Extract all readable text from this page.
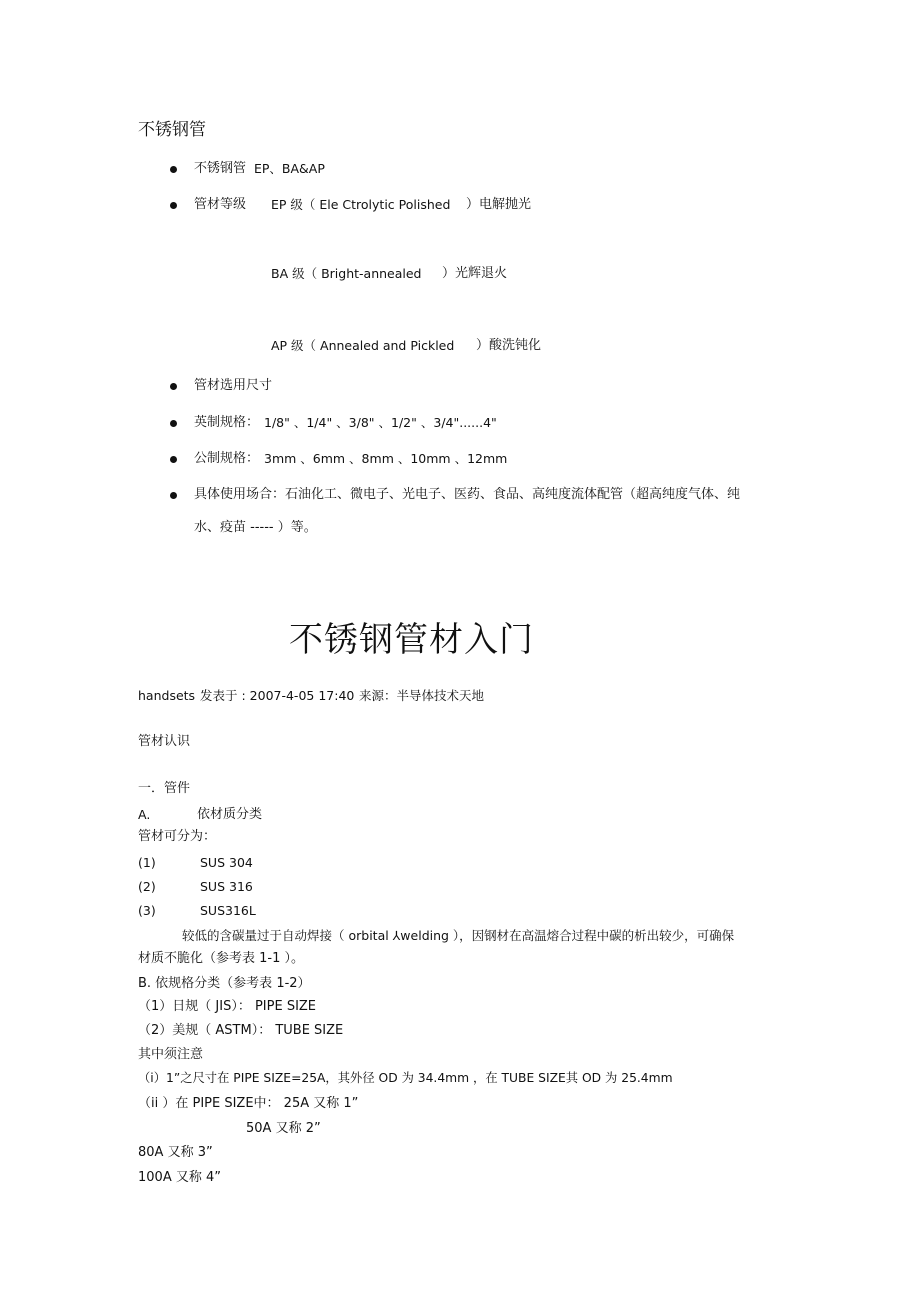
不锈钢管
不锈钢管 EP、BA&AP
管材等级 EP 级（ Ele Ctrolytic Polished ）电解抛光
BA 级（ Bright-annealed ）光辉退火
AP 级（ Annealed and Pickled ）酸洗钝化
管材选用尺寸
英制规格： 1/8" 、1/4" 、3/8" 、1/2" 、3/4"......4"
公制规格： 3mm 、6mm 、8mm 、10mm 、12mm
具体使用场合：石油化工、微电子、光电子、医药、食品、高纯度流体配管（超高纯度气体、纯
水、疫苗 ----- ）等。
不锈钢管材入门
handsets 发表于 : 2007-4-05 17:40 来源：半导体技术天地
管材认识
一．管件
A.	依材质分类
管材可分为：
(1)	SUS 304
(2)	SUS 316
(3)	SUS316L
较低的含碳量过于自动焊接（ orbital ⅄welding ），因钢材在高温熔合过程中碳的析出较少，可确保
材质不脆化（参考表 1-1 ）。
B. 依规格分类（参考表 1-2）
（1）日规（ JIS）： PIPE SIZE
（2）美规（ ASTM）： TUBE SIZE
其中须注意
（i）1”之尺寸在 PIPE SIZE=25A，其外径 OD 为 34.4mm ，在 TUBE SIZE其 OD 为 25.4mm
（ii ）在 PIPE SIZE中： 25A 又称 1”
50A 又称 2”
80A 又称 3”
100A 又称 4”
